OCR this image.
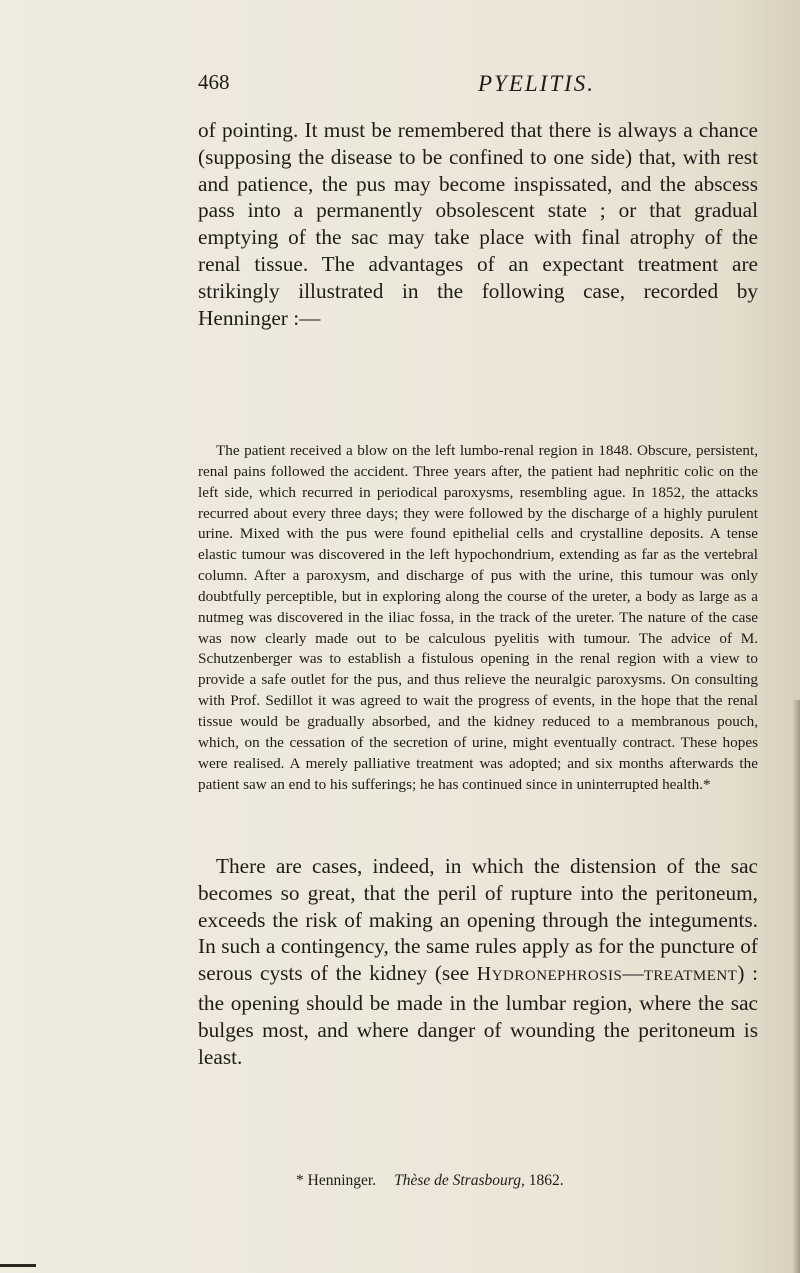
468	PYELITIS.

of pointing. It must be remembered that there is always a chance (supposing the disease to be confined to one side) that, with rest and patience, the pus may become inspissated, and the abscess pass into a permanently obsolescent state ; or that gradual emptying of the sac may take place with final atrophy of the renal tissue. The advantages of an expectant treatment are strikingly illustrated in the following case, recorded by Henninger :—

The patient received a blow on the left lumbo-renal region in 1848. Obscure, persistent, renal pains followed the accident. Three years after, the patient had nephritic colic on the left side, which recurred in periodical paroxysms, resembling ague. In 1852, the attacks recurred about every three days; they were followed by the discharge of a highly purulent urine. Mixed with the pus were found epithelial cells and crystalline deposits. A tense elastic tumour was discovered in the left hypochondrium, extending as far as the vertebral column. After a paroxysm, and discharge of pus with the urine, this tumour was only doubtfully perceptible, but in exploring along the course of the ureter, a body as large as a nutmeg was discovered in the iliac fossa, in the track of the ureter. The nature of the case was now clearly made out to be calculous pyelitis with tumour. The advice of M. Schutzenberger was to establish a fistulous opening in the renal region with a view to provide a safe outlet for the pus, and thus relieve the neuralgic paroxysms. On consulting with Prof. Sedillot it was agreed to wait the progress of events, in the hope that the renal tissue would be gradually absorbed, and the kidney reduced to a membranous pouch, which, on the cessation of the secretion of urine, might eventually contract. These hopes were realised. A merely palliative treatment was adopted; and six months afterwards the patient saw an end to his sufferings; he has continued since in uninterrupted health.*

There are cases, indeed, in which the distension of the sac becomes so great, that the peril of rupture into the peritoneum, exceeds the risk of making an opening through the integuments. In such a contingency, the same rules apply as for the puncture of serous cysts of the kidney (see HYDRONEPHROSIS—TREATMENT) : the opening should be made in the lumbar region, where the sac bulges most, and where danger of wounding the peritoneum is least.

* Henninger. Thèse de Strasbourg, 1862.
